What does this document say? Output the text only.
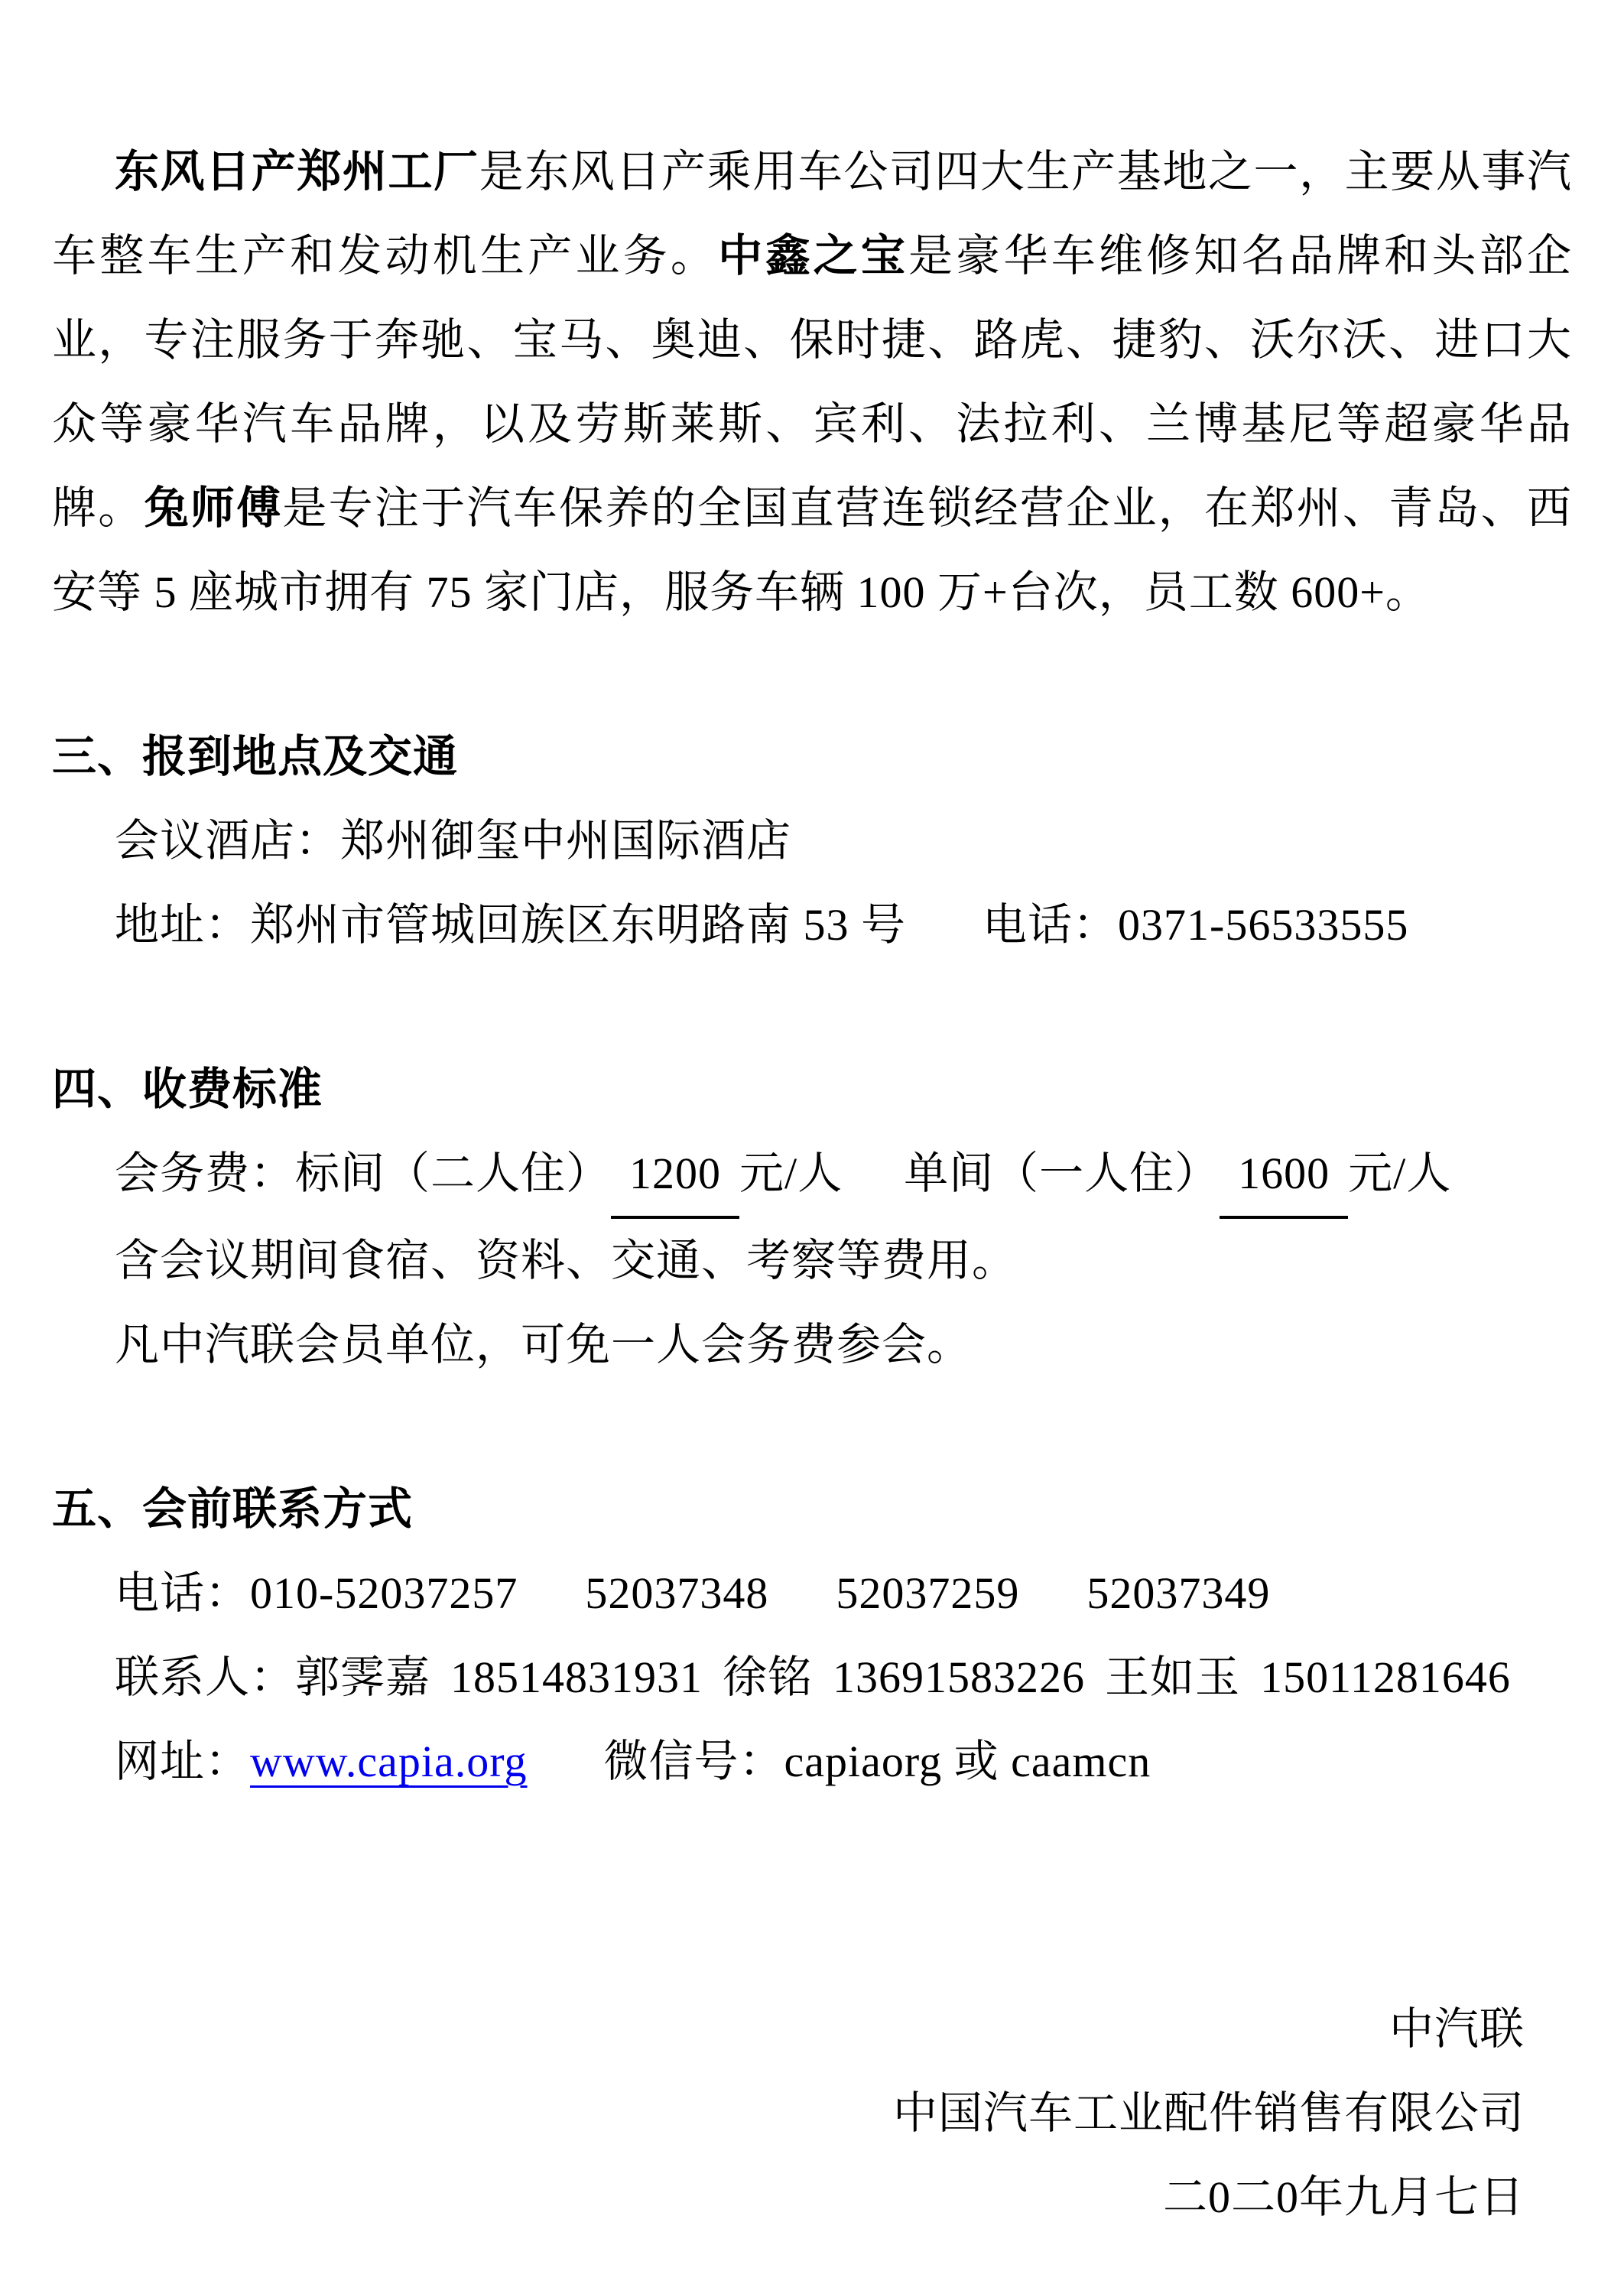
东风日产郑州工厂是东风日产乘用车公司四大生产基地之一，主要从事汽车整车生产和发动机生产业务。中鑫之宝是豪华车维修知名品牌和头部企业，专注服务于奔驰、宝马、奥迪、保时捷、路虎、捷豹、沃尔沃、进口大众等豪华汽车品牌，以及劳斯莱斯、宾利、法拉利、兰博基尼等超豪华品牌。兔师傅是专注于汽车保养的全国直营连锁经营企业，在郑州、青岛、西安等 5 座城市拥有 75 家门店，服务车辆 100 万+台次，员工数 600+。

三、报到地点及交通
会议酒店：郑州御玺中州国际酒店
地址：郑州市管城回族区东明路南 53 号 电话：0371-56533555
四、收费标准
会务费：标间（二人住） 1200 元/人 单间（一人住） 1600 元/人
含会议期间食宿、资料、交通、考察等费用。
凡中汽联会员单位，可免一人会务费参会。
五、会前联系方式
电话：010-52037257 52037348 52037259 52037349
联系人：郭霁嘉 18514831931 徐铭 13691583226 王如玉 15011281646
网址：www.capia.org 微信号：capiaorg 或 caamcn
中汽联
中国汽车工业配件销售有限公司
二0二0年九月七日
